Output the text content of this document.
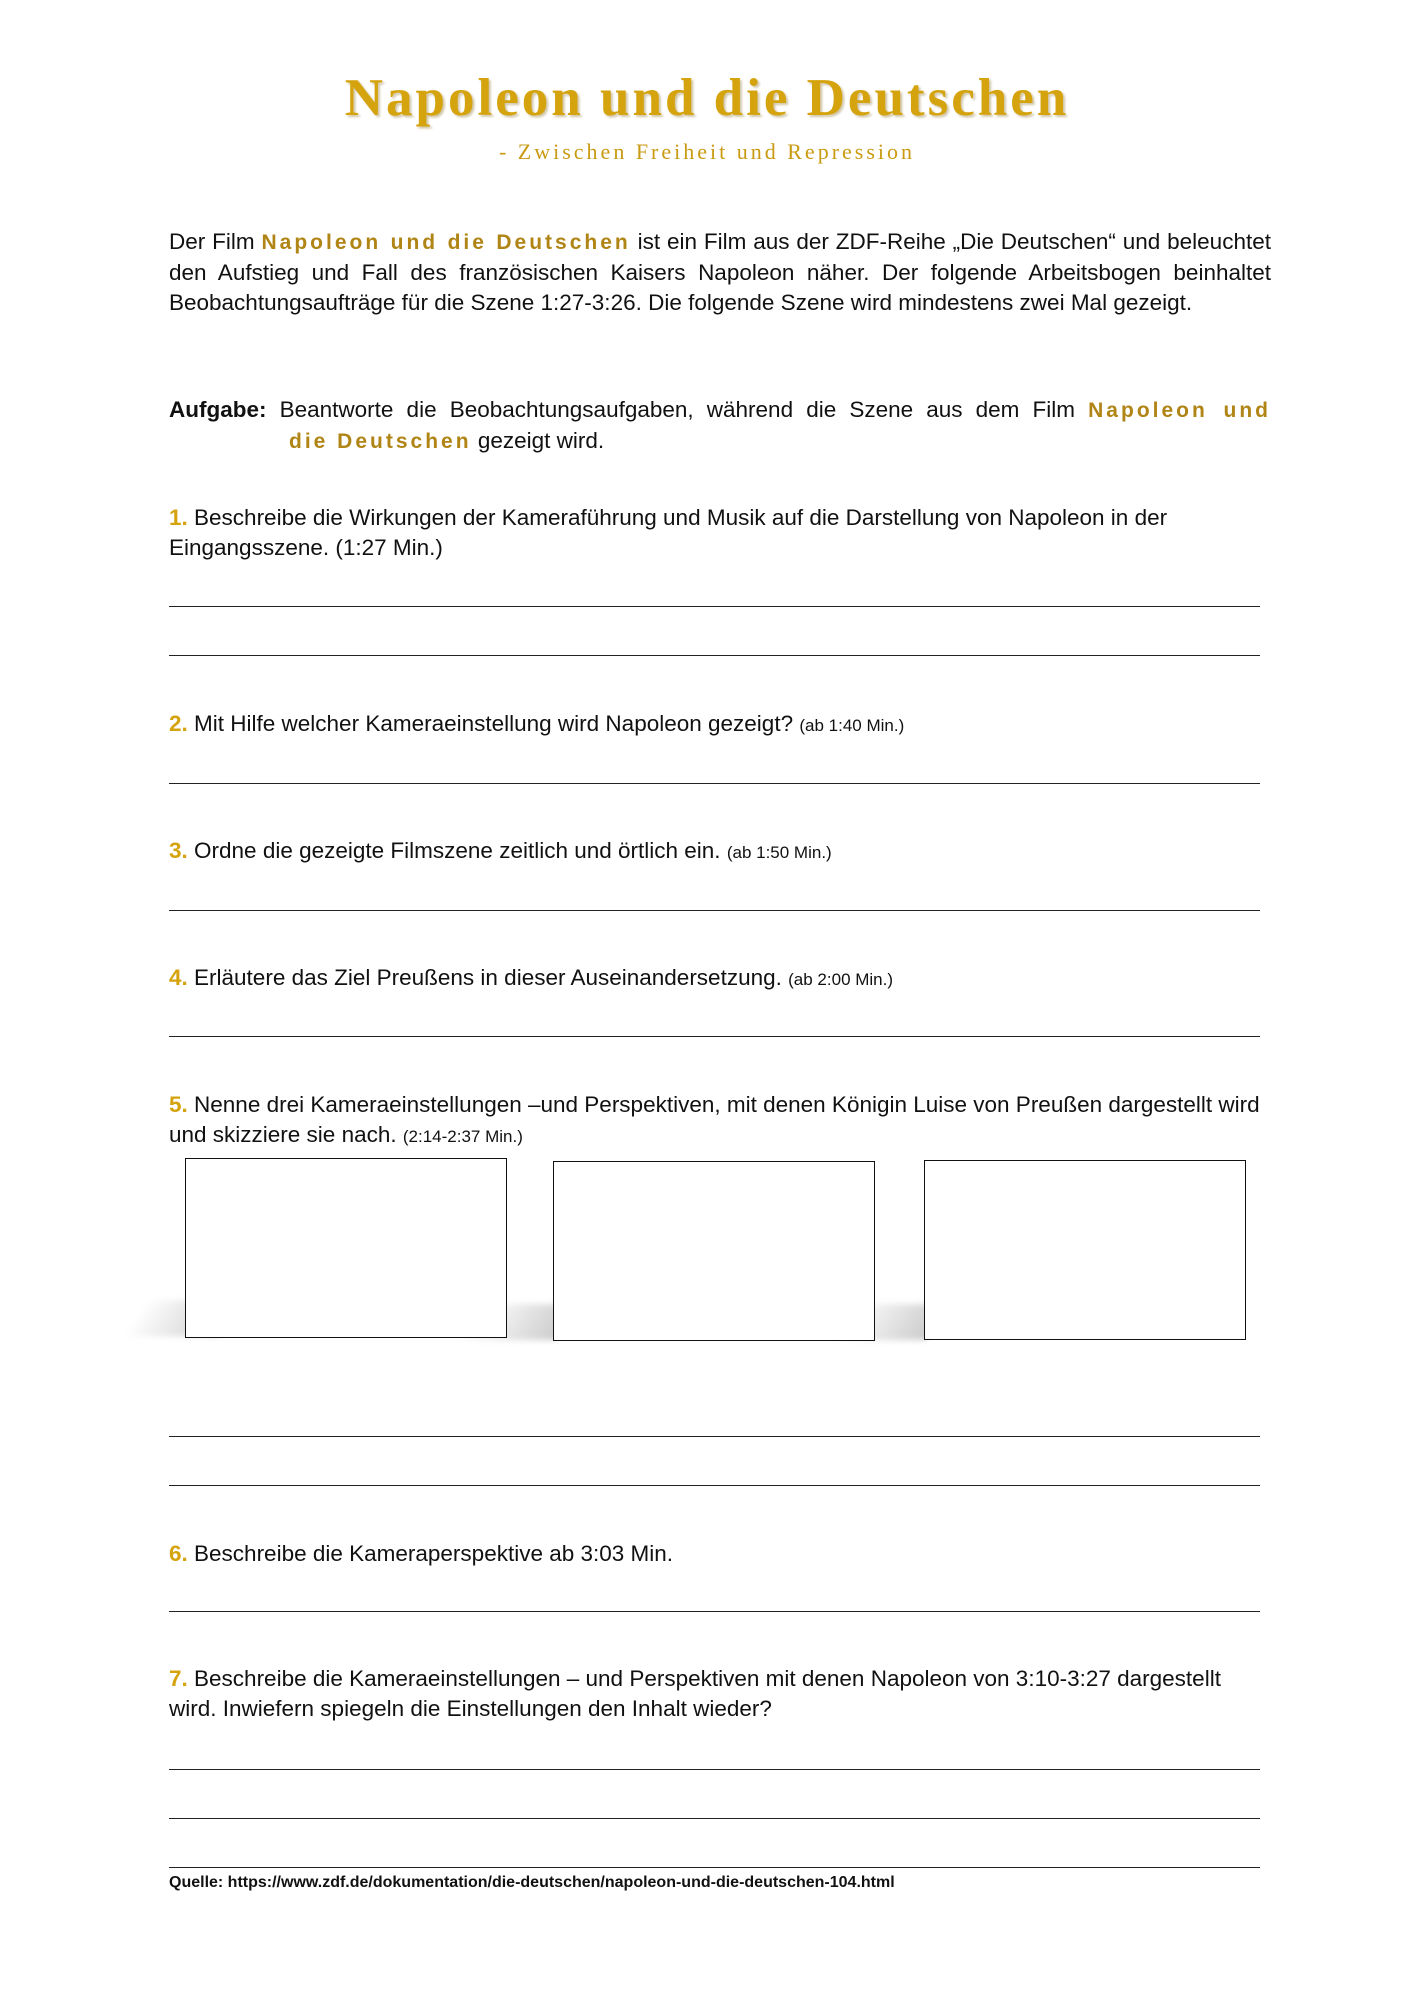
Napoleon und die Deutschen
- Zwischen Freiheit und Repression
Der Film Napoleon und die Deutschen ist ein Film aus der ZDF-Reihe „Die Deutschen“ und beleuchtet den Aufstieg und Fall des französischen Kaisers Napoleon näher. Der folgende Arbeitsbogen beinhaltet Beobachtungsaufträge für die Szene 1:27-3:26. Die folgende Szene wird mindestens zwei Mal gezeigt.
Aufgabe: Beantworte die Beobachtungsaufgaben, während die Szene aus dem Film Napoleon und
die Deutschen gezeigt wird.
1. Beschreibe die Wirkungen der Kameraführung und Musik auf die Darstellung von Napoleon in der Eingangsszene. (1:27 Min.)
2. Mit Hilfe welcher Kameraeinstellung wird Napoleon gezeigt? (ab 1:40 Min.)
3. Ordne die gezeigte Filmszene zeitlich und örtlich ein. (ab 1:50 Min.)
4. Erläutere das Ziel Preußens in dieser Auseinandersetzung. (ab 2:00 Min.)
5. Nenne drei Kameraeinstellungen –und Perspektiven, mit denen Königin Luise von Preußen dargestellt wird und skizziere sie nach. (2:14-2:37 Min.)
6. Beschreibe die Kameraperspektive ab 3:03 Min.
7. Beschreibe die Kameraeinstellungen – und Perspektiven mit denen Napoleon von 3:10-3:27 dargestellt wird. Inwiefern spiegeln die Einstellungen den Inhalt wieder?
Quelle: https://www.zdf.de/dokumentation/die-deutschen/napoleon-und-die-deutschen-104.html
